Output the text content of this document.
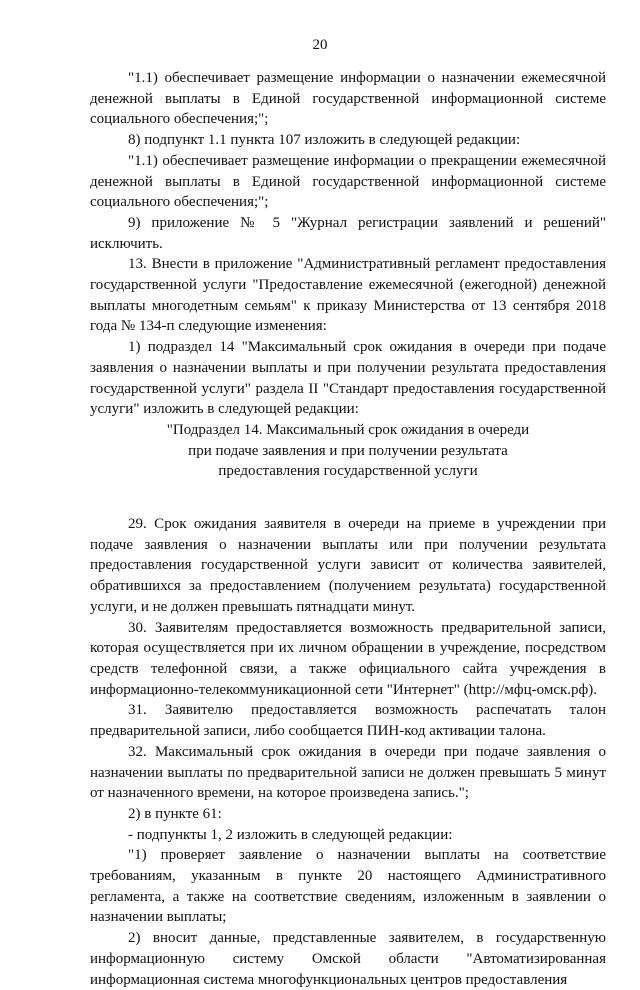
20

"1.1) обеспечивает размещение информации о назначении ежемесячной денежной выплаты в Единой государственной информационной системе социального обеспечения;";

8) подпункт 1.1 пункта 107 изложить в следующей редакции:

"1.1) обеспечивает размещение информации о прекращении ежемесячной денежной выплаты в Единой государственной информационной системе социального обеспечения;";

9) приложение № 5 "Журнал регистрации заявлений и решений" исключить.

13. Внести в приложение "Административный регламент предоставления государственной услуги "Предоставление ежемесячной (ежегодной) денежной выплаты многодетным семьям" к приказу Министерства от 13 сентября 2018 года № 134-п следующие изменения:

1) подраздел 14 "Максимальный срок ожидания в очереди при подаче заявления о назначении выплаты и при получении результата предоставления государственной услуги" раздела II "Стандарт предоставления государственной услуги" изложить в следующей редакции:

"Подраздел 14. Максимальный срок ожидания в очереди

при подаче заявления и при получении результата

предоставления государственной услуги

29. Срок ожидания заявителя в очереди на приеме в учреждении при подаче заявления о назначении выплаты или при получении результата предоставления государственной услуги зависит от количества заявителей, обратившихся за предоставлением (получением результата) государственной услуги, и не должен превышать пятнадцати минут.

30. Заявителям предоставляется возможность предварительной записи, которая осуществляется при их личном обращении в учреждение, посредством средств телефонной связи, а также официального сайта учреждения в информационно-телекоммуникационной сети "Интернет" (http://мфц-омск.рф).

31. Заявителю предоставляется возможность распечатать талон предварительной записи, либо сообщается ПИН-код активации талона.

32. Максимальный срок ожидания в очереди при подаче заявления о назначении выплаты по предварительной записи не должен превышать 5 минут от назначенного времени, на которое произведена запись.";

2) в пункте 61:

- подпункты 1, 2 изложить в следующей редакции:

"1) проверяет заявление о назначении выплаты на соответствие требованиям, указанным в пункте 20 настоящего Административного регламента, а также на соответствие сведениям, изложенным в заявлении о назначении выплаты;

2) вносит данные, представленные заявителем, в государственную информационную систему Омской области "Автоматизированная информационная система многофункциональных центров предоставления
